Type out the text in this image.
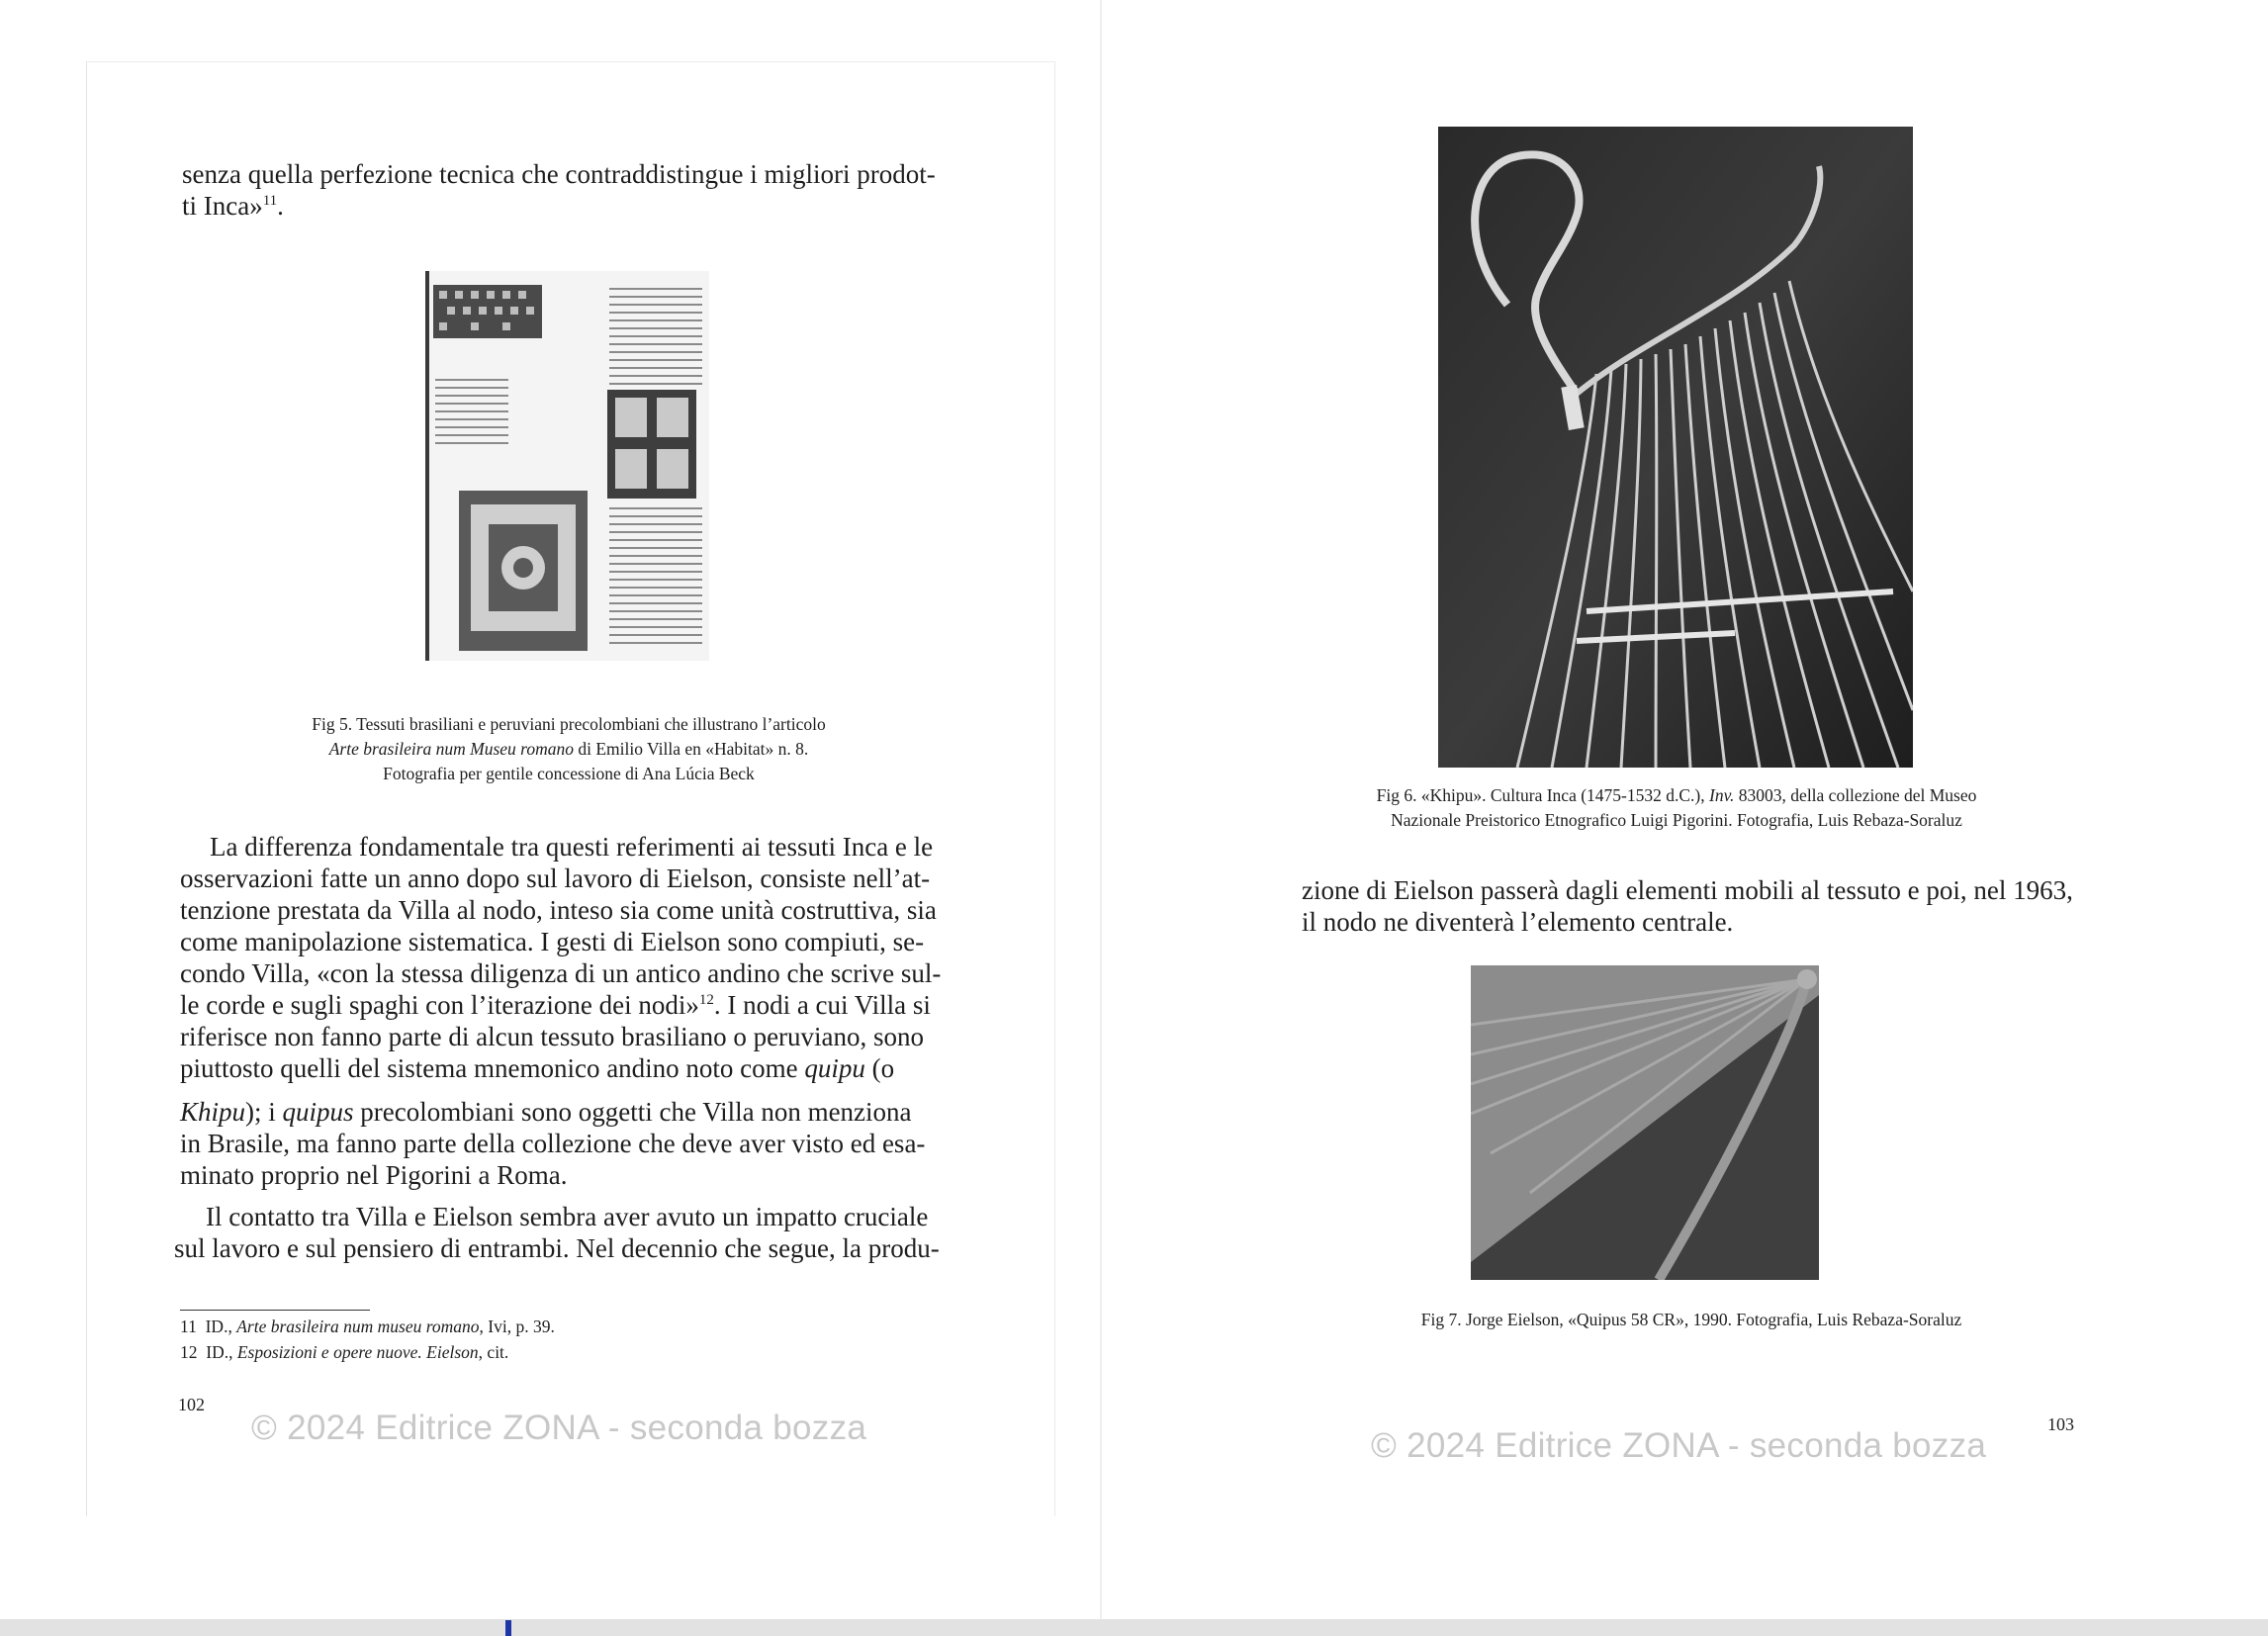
senza quella perfezione tecnica che contraddistingue i migliori prodot-
ti Inca»$^{11}$.
Fig 5. Tessuti brasiliani e peruviani precolombiani che illustrano l’articolo
Arte brasileira num Museu romano di Emilio Villa en «Habitat» n. 8.
Fotografia per gentile concessione di Ana Lúcia Beck
La differenza fondamentale tra questi referimenti ai tessuti Inca e le
osservazioni fatte un anno dopo sul lavoro di Eielson, consiste nell’at-
tenzione prestata da Villa al nodo, inteso sia come unità costruttiva, sia
come manipolazione sistematica. I gesti di Eielson sono compiuti, se-
condo Villa, «con la stessa diligenza di un antico andino che scrive sul-
le corde e sugli spaghi con l’iterazione dei nodi»$^{12}$. I nodi a cui Villa si
riferisce non fanno parte di alcun tessuto brasiliano o peruviano, sono
piuttosto quelli del sistema mnemonico andino noto come quipu (o
Khipu); i quipus precolombiani sono oggetti che Villa non menziona
in Brasile, ma fanno parte della collezione che deve aver visto ed esa-
minato proprio nel Pigorini a Roma.
Il contatto tra Villa e Eielson sembra aver avuto un impatto cruciale
sul lavoro e sul pensiero di entrambi. Nel decennio che segue, la produ-
11 ID., Arte brasileira num museu romano, Ivi, p. 39.
12 ID., Esposizioni e opere nuove. Eielson, cit.
102
© 2024 Editrice ZONA - seconda bozza
Fig 6. «Khipu». Cultura Inca (1475-1532 d.C.), Inv. 83003, della collezione del Museo
Nazionale Preistorico Etnografico Luigi Pigorini. Fotografia, Luis Rebaza-Soraluz
zione di Eielson passerà dagli elementi mobili al tessuto e poi, nel 1963,
il nodo ne diventerà l’elemento centrale.
Fig 7. Jorge Eielson, «Quipus 58 CR», 1990. Fotografia, Luis Rebaza-Soraluz
© 2024 Editrice ZONA - seconda bozza
103
